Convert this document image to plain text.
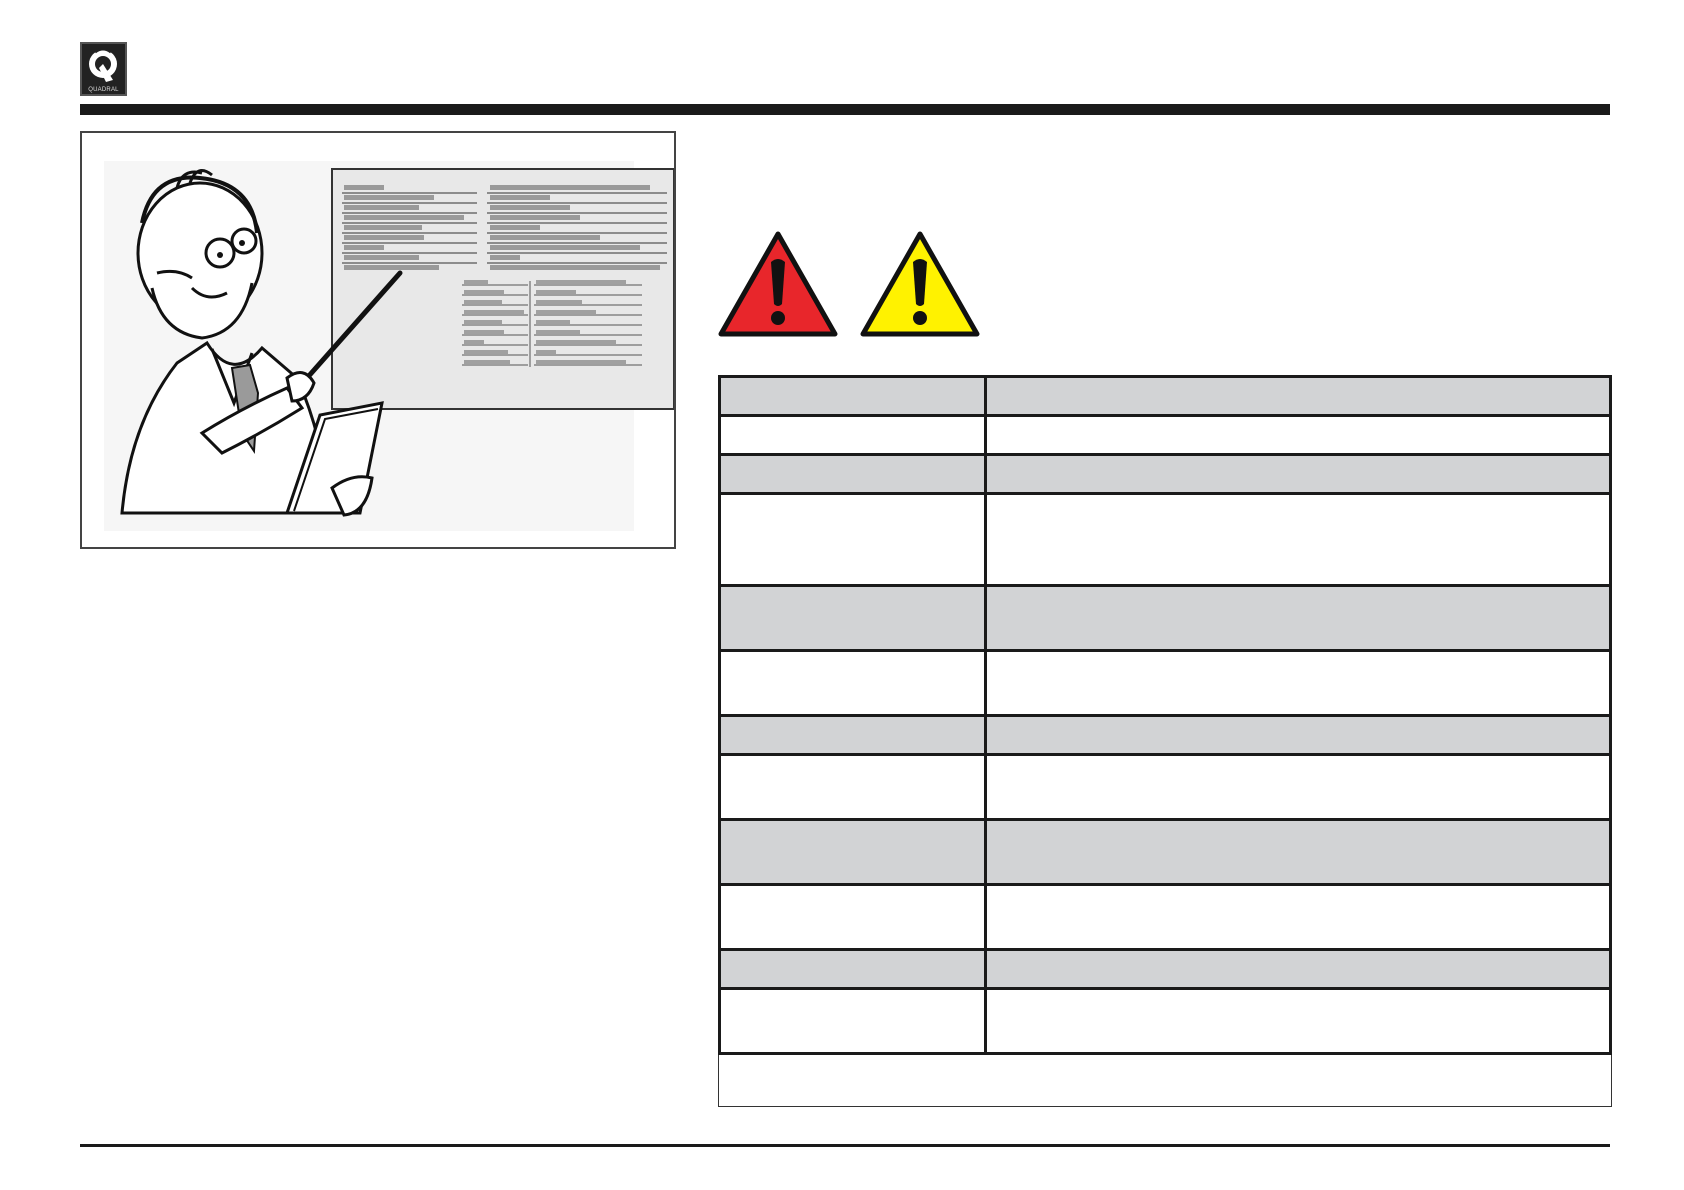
QUADRAL
